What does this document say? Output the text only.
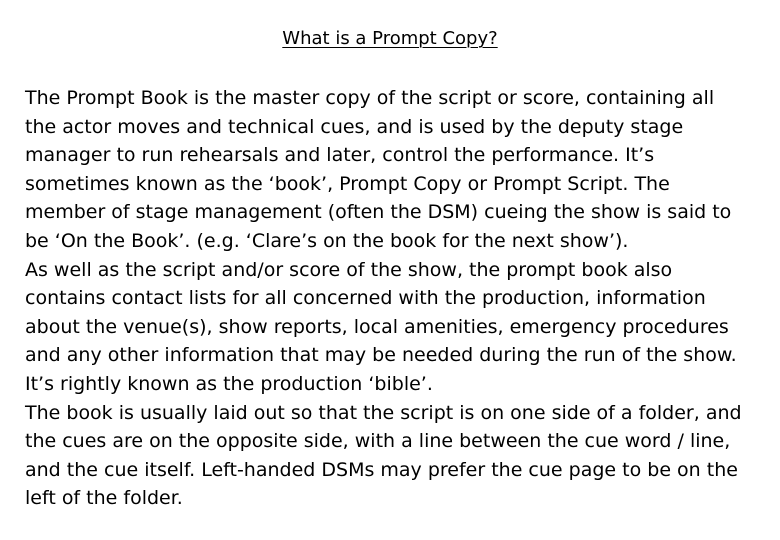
What is a Prompt Copy?
The Prompt Book is the master copy of the script or score, containing all
the actor moves and technical cues, and is used by the deputy stage
manager to run rehearsals and later, control the performance. It’s
sometimes known as the ‘book’, Prompt Copy or Prompt Script. The
member of stage management (often the DSM) cueing the show is said to
be ‘On the Book’. (e.g. ‘Clare’s on the book for the next show’).
As well as the script and/or score of the show, the prompt book also
contains contact lists for all concerned with the production, information
about the venue(s), show reports, local amenities, emergency procedures
and any other information that may be needed during the run of the show.
It’s rightly known as the production ‘bible’.
The book is usually laid out so that the script is on one side of a folder, and
the cues are on the opposite side, with a line between the cue word / line,
and the cue itself. Left-handed DSMs may prefer the cue page to be on the
left of the folder.
